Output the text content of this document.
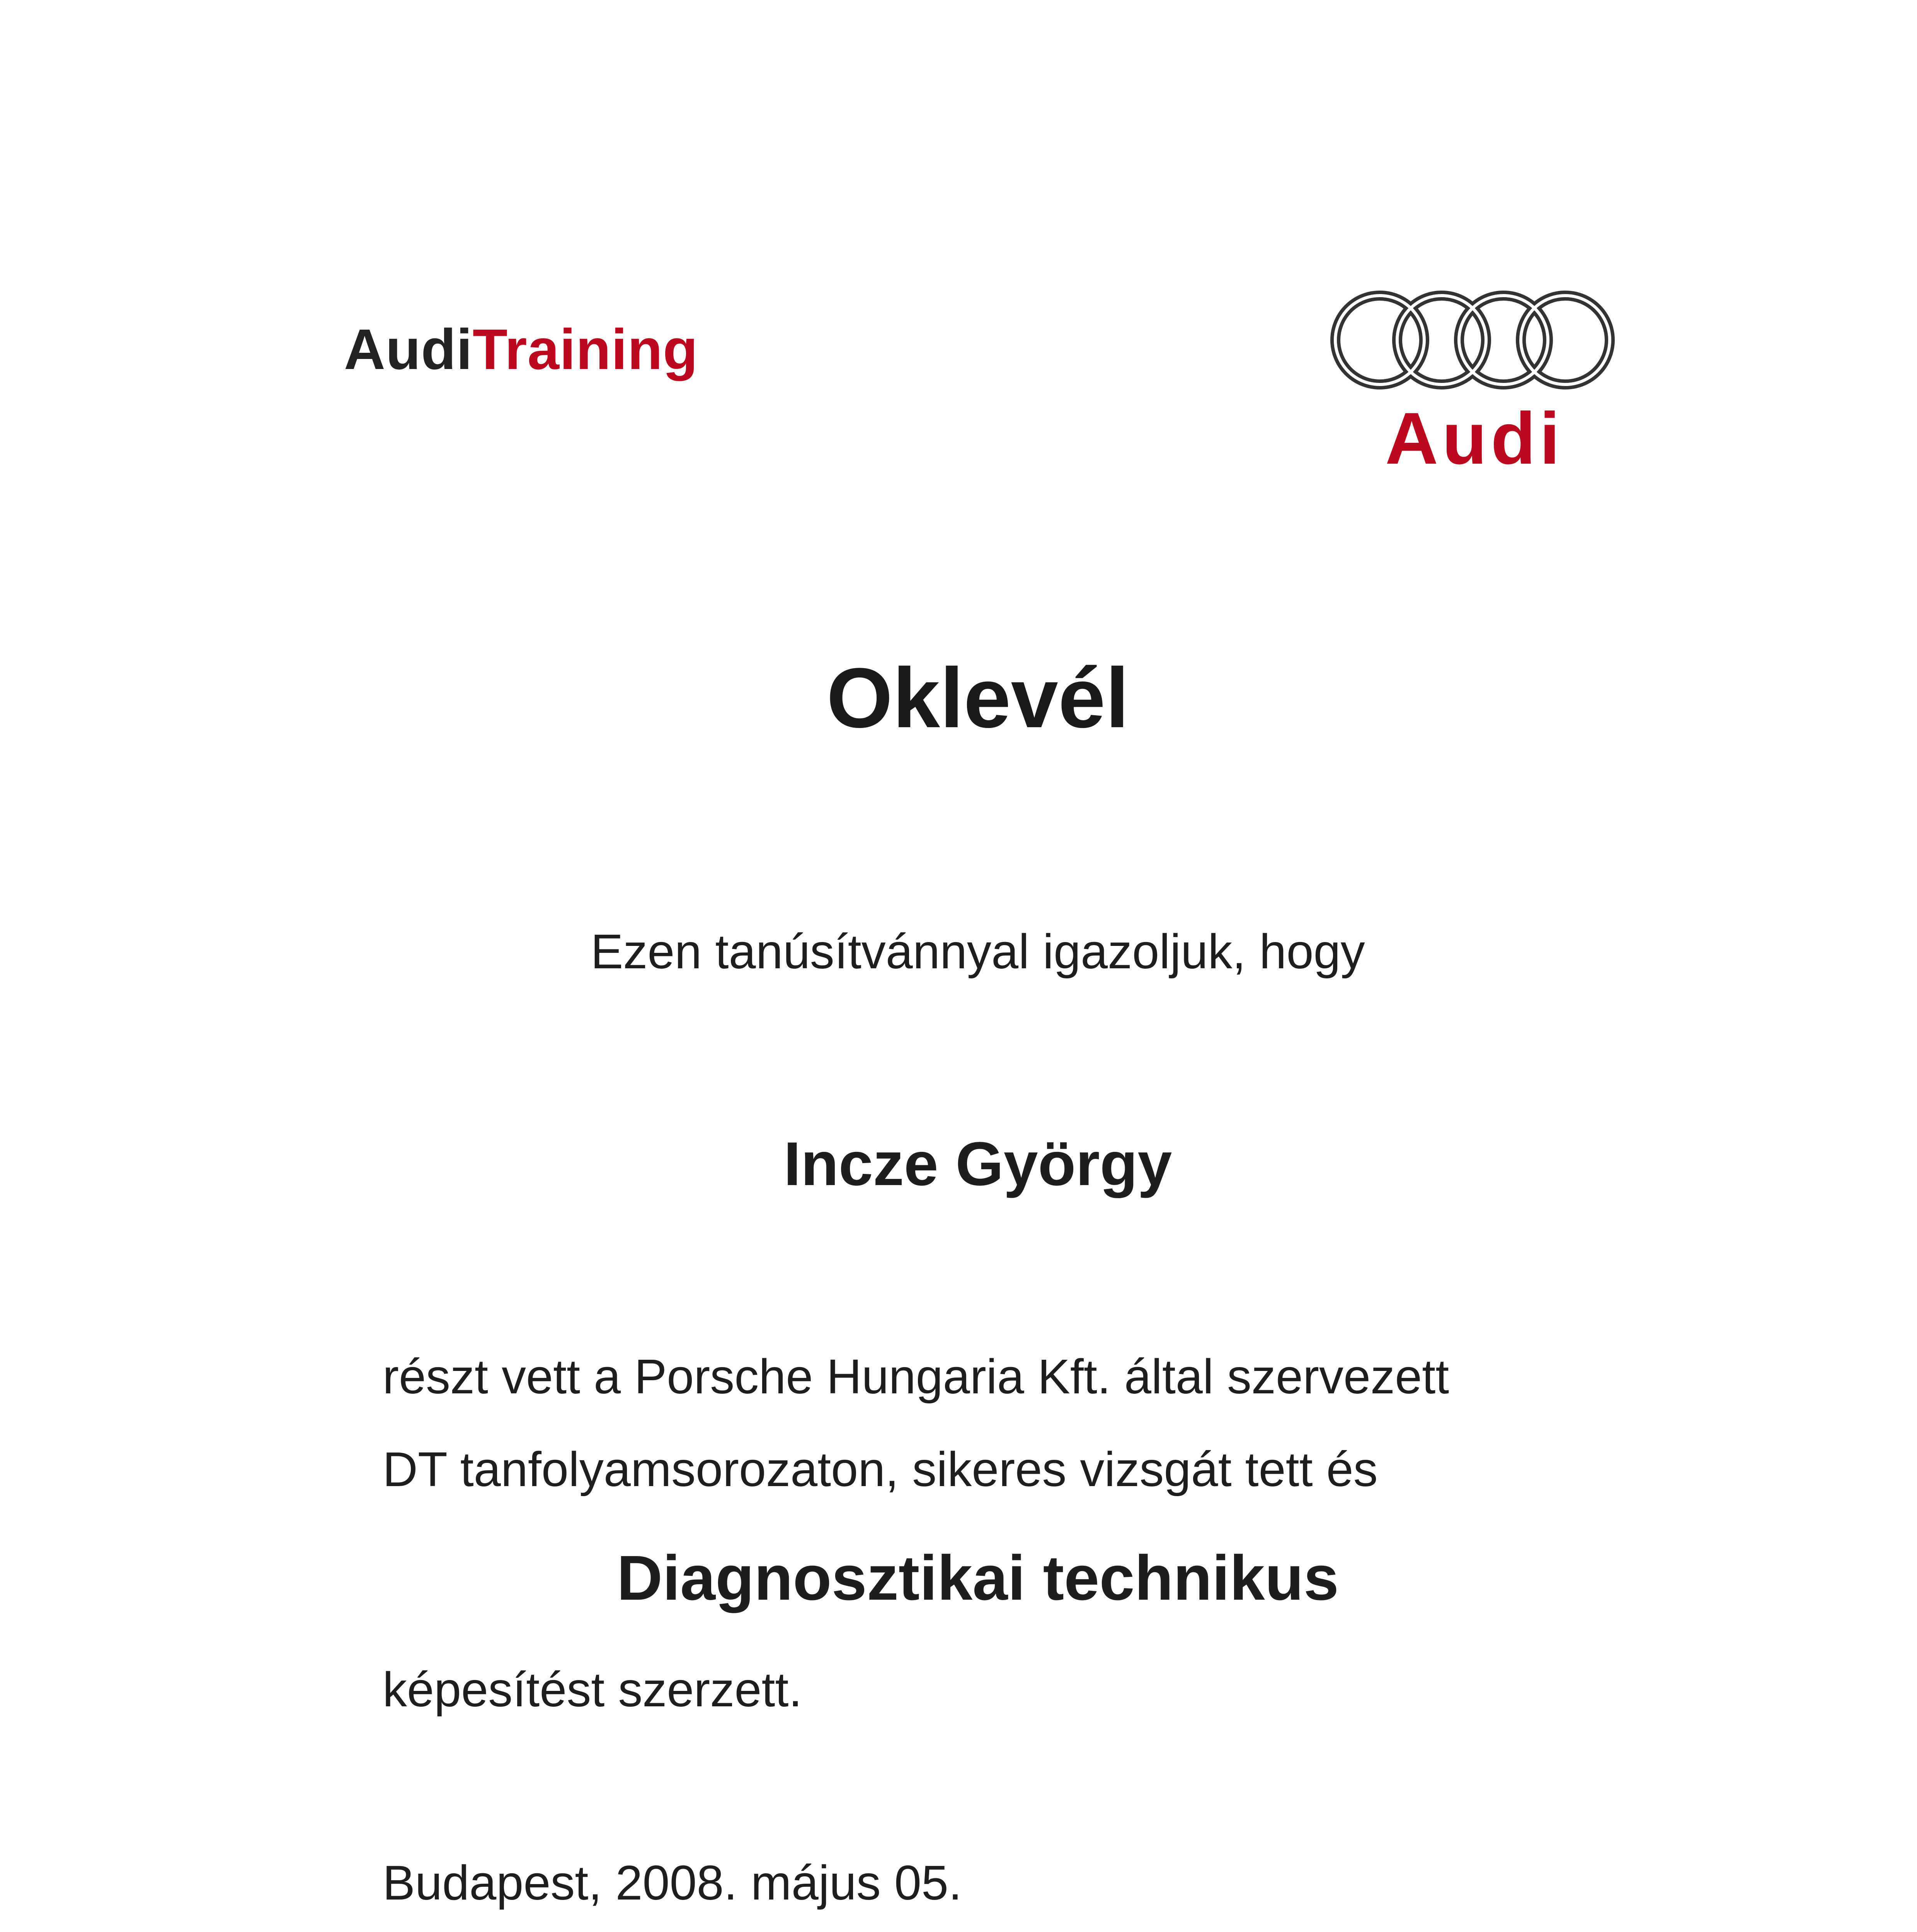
AudiTraining
Audi
Oklevél
Ezen tanúsítvánnyal igazoljuk, hogy
Incze György
részt vett a Porsche Hungaria Kft. által szervezett
DT tanfolyamsorozaton, sikeres vizsgát tett és
Diagnosztikai technikus
képesítést szerzett.
Budapest, 2008. május 05.
